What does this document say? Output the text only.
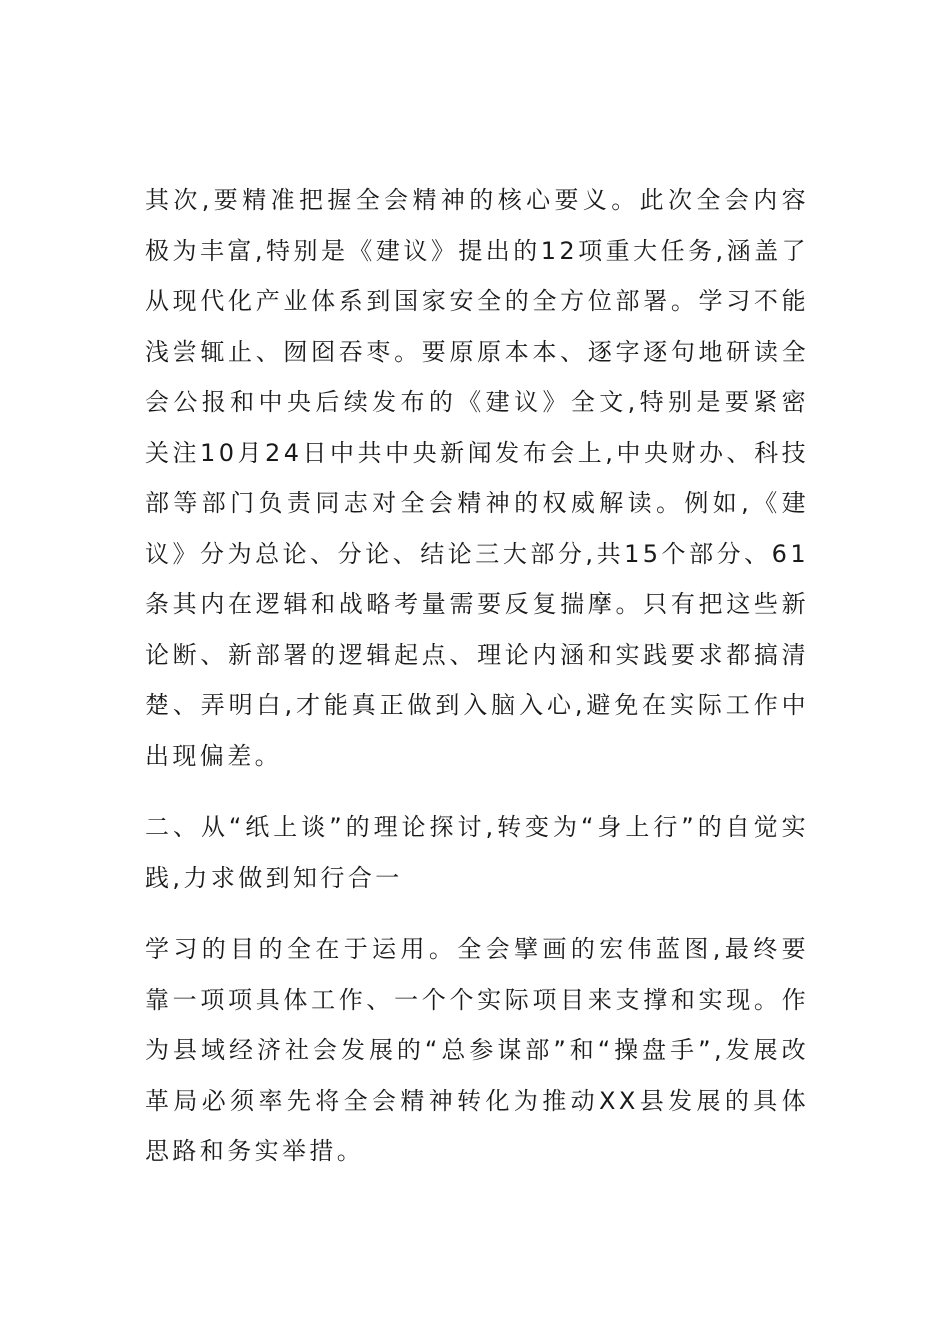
其次,要精准把握全会精神的核心要义。此次全会内容极为丰富,特别是《建议》提出的12项重大任务,涵盖了从现代化产业体系到国家安全的全方位部署。学习不能浅尝辄止、囫囵吞枣。要原原本本、逐字逐句地研读全会公报和中央后续发布的《建议》全文,特别是要紧密关注10月24日中共中央新闻发布会上,中央财办、科技部等部门负责同志对全会精神的权威解读。例如,《建议》分为总论、分论、结论三大部分,共15个部分、61条其内在逻辑和战略考量需要反复揣摩。只有把这些新论断、新部署的逻辑起点、理论内涵和实践要求都搞清楚、弄明白,才能真正做到入脑入心,避免在实际工作中出现偏差。
二、从“纸上谈”的理论探讨,转变为“身上行”的自觉实践,力求做到知行合一
学习的目的全在于运用。全会擘画的宏伟蓝图,最终要靠一项项具体工作、一个个实际项目来支撑和实现。作为县域经济社会发展的“总参谋部”和“操盘手”,发展改革局必须率先将全会精神转化为推动XX县发展的具体思路和务实举措。
